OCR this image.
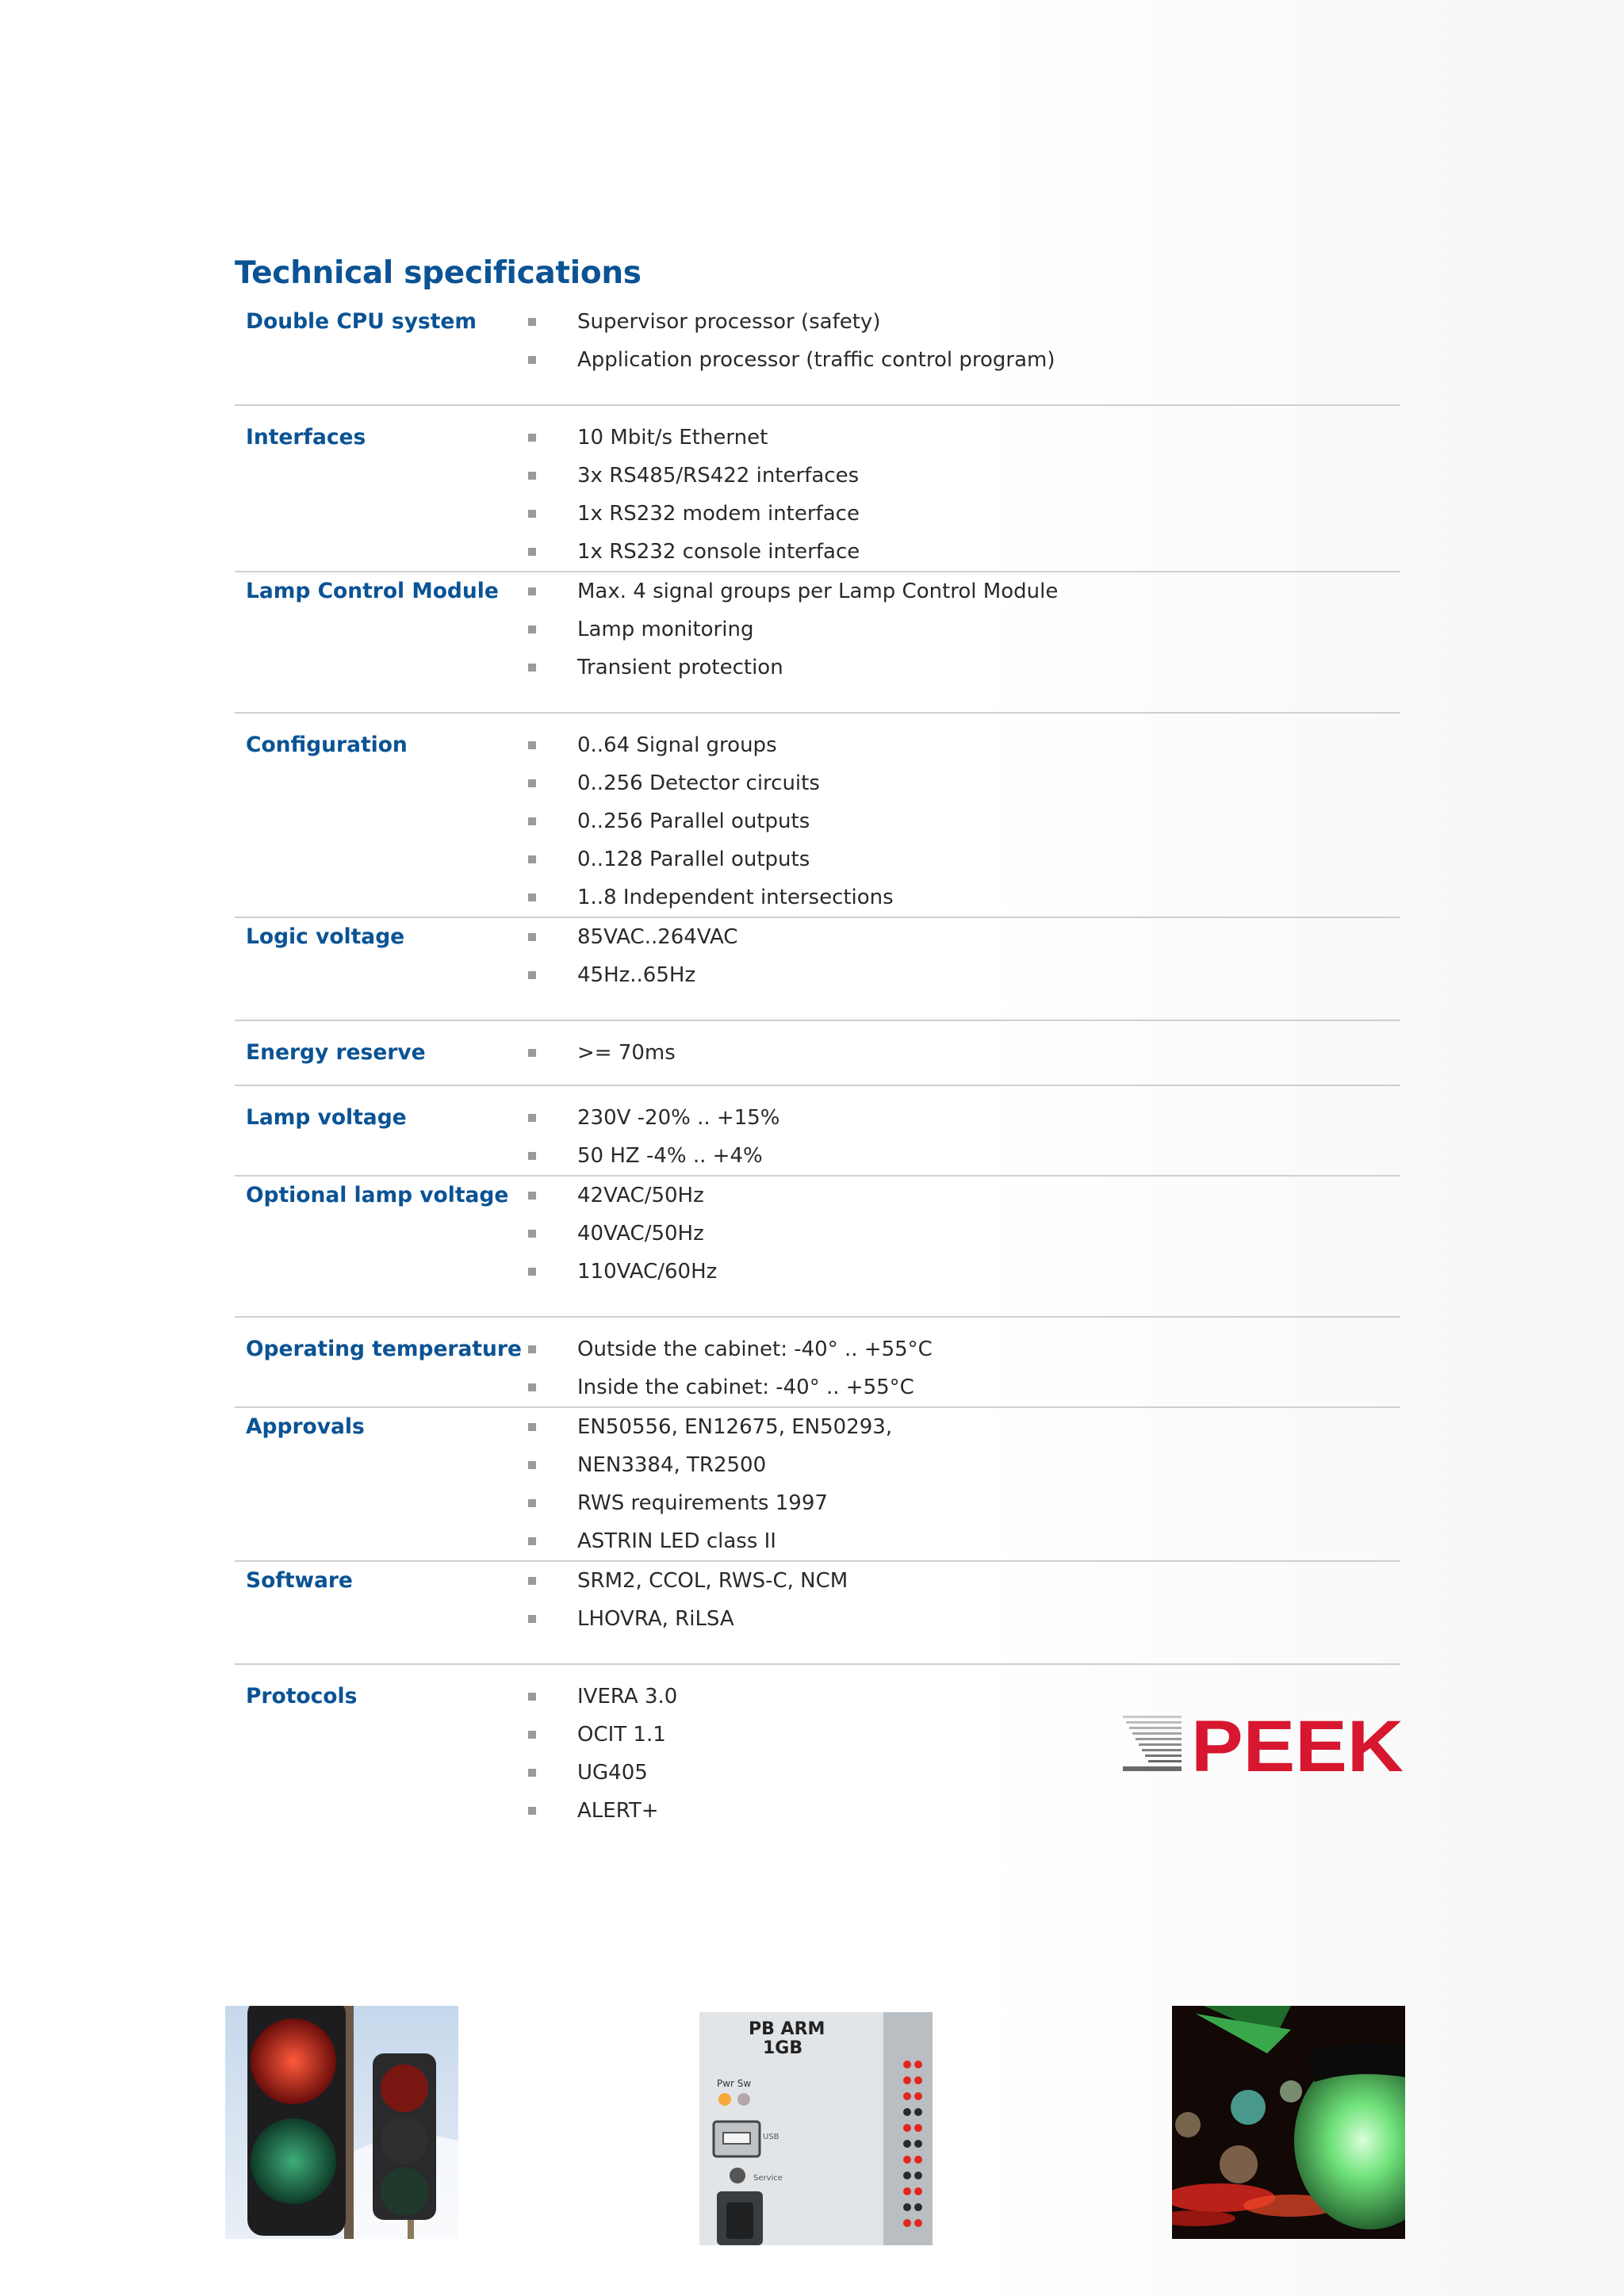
Technical specifications
Double CPU system	Supervisor processor (safety)
Application processor (traffic control program)
Interfaces	10 Mbit/s Ethernet
3x RS485/RS422 interfaces
1x RS232 modem interface
1x RS232 console interface
Lamp Control Module	Max. 4 signal groups per Lamp Control Module
Lamp monitoring
Transient protection
Configuration	0..64 Signal groups
0..256 Detector circuits
0..256 Parallel outputs
0..128 Parallel outputs
1..8 Independent intersections
Logic voltage	85VAC..264VAC
45Hz..65Hz
Energy reserve	>= 70ms
Lamp voltage	230V -20% .. +15%
50 HZ -4% .. +4%
Optional lamp voltage	42VAC/50Hz
40VAC/50Hz
110VAC/60Hz
Operating temperature	Outside the cabinet: -40° .. +55°C
Inside the cabinet: -40° .. +55°C
Approvals	EN50556, EN12675, EN50293,
NEN3384, TR2500
RWS requirements 1997
ASTRIN LED class II
Software	SRM2, CCOL, RWS-C, NCM
LHOVRA, RiLSA
Protocols	IVERA 3.0
OCIT 1.1
UG405
ALERT+
PEEK
PB ARM
1GB
Pwr Sw
USB
Service
